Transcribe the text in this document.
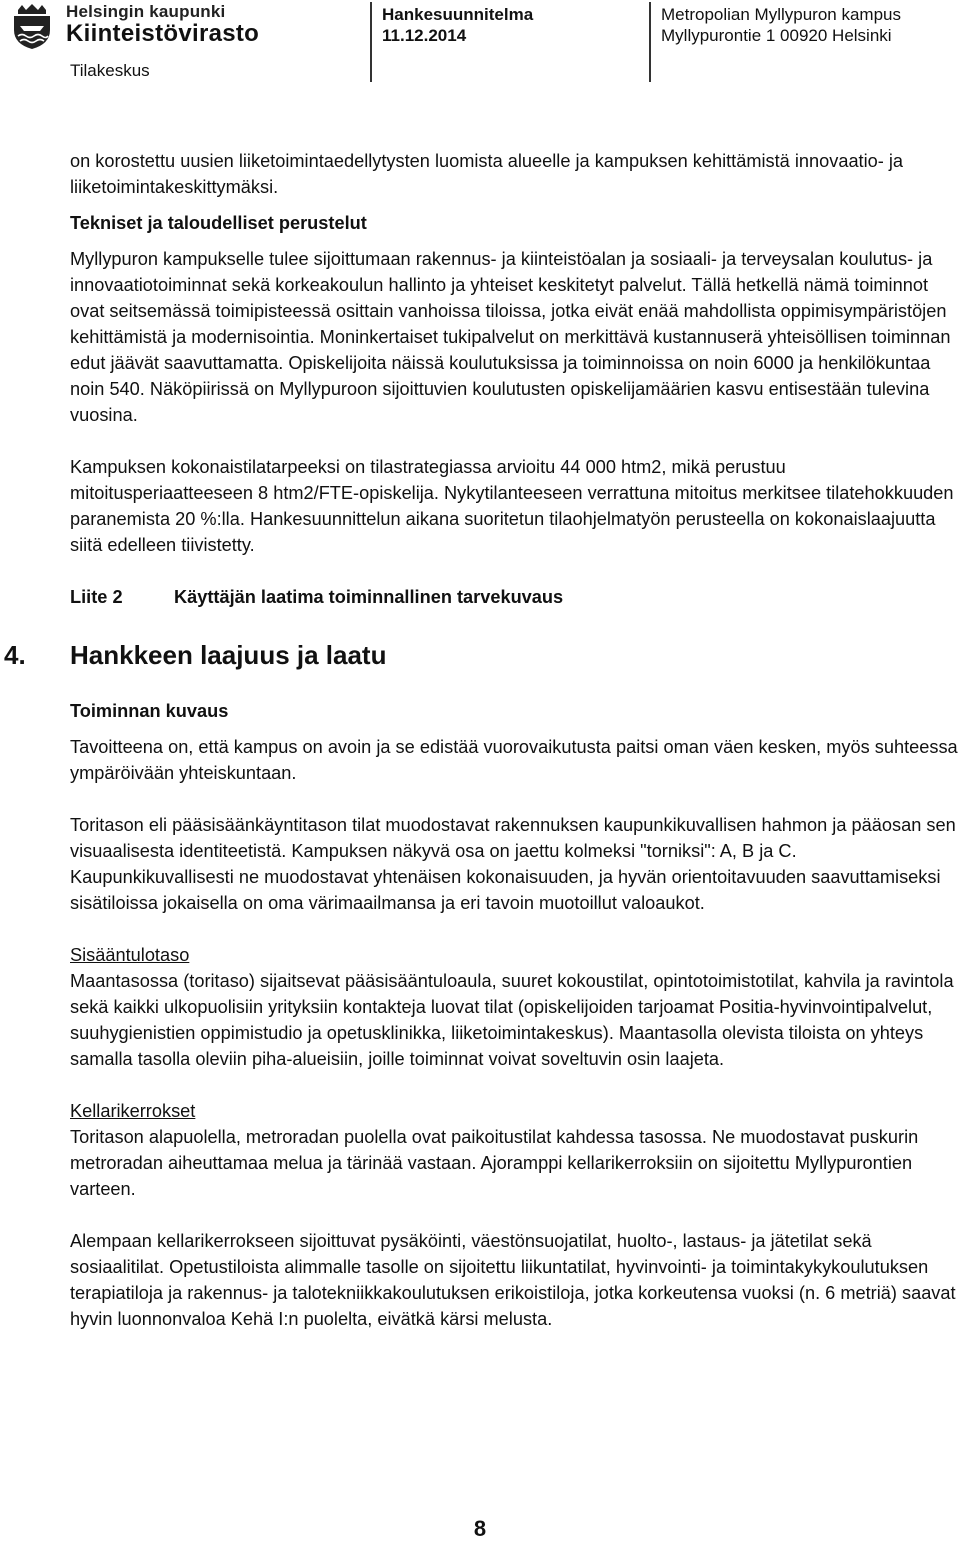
Helsingin kaupunki
Kiinteistövirasto
Tilakeskus
Hankesuunnitelma
11.12.2014
Metropolian Myllypuron kampus
Myllypurontie 1 00920 Helsinki

on korostettu uusien liiketoimintaedellytysten luomista alueelle ja kampuksen kehittämistä innovaatio- ja liiketoimintakeskittymäksi.

Tekniset ja taloudelliset perustelut

Myllypuron kampukselle tulee sijoittumaan rakennus- ja kiinteistöalan ja sosiaali- ja terveysalan koulutus- ja innovaatiotoiminnat sekä korkeakoulun hallinto ja yhteiset keskitetyt palvelut. Tällä hetkellä nämä toiminnot ovat seitsemässä toimipisteessä osittain vanhoissa tiloissa, jotka eivät enää mahdollista oppimisympäristöjen kehittämistä ja modernisointia. Moninkertaiset tukipalvelut on merkittävä kustannuserä yhteisöllisen toiminnan edut jäävät saavuttamatta. Opiskelijoita näissä koulutuksissa ja toiminnoissa on noin 6000 ja henkilökuntaa noin 540. Näköpiirissä on Myllypuroon sijoittuvien koulutusten opiskelijamäärien kasvu entisestään tulevina vuosina.

Kampuksen kokonaistilatarpeeksi on tilastrategiassa arvioitu 44 000 htm2, mikä perustuu mitoitusperiaatteeseen 8 htm2/FTE-opiskelija. Nykytilanteeseen verrattuna mitoitus merkitsee tilatehokkuuden paranemista 20 %:lla. Hankesuunnittelun aikana suoritetun tilaohjelmatyön perusteella on kokonaislaajuutta siitä edelleen tiivistetty.

Liite 2	Käyttäjän laatima toiminnallinen tarvekuvaus
4. Hankkeen laajuus ja laatu

Toiminnan kuvaus

Tavoitteena on, että kampus on avoin ja se edistää vuorovaikutusta paitsi oman väen kesken, myös suhteessa ympäröivään yhteiskuntaan.

Toritason eli pääsisäänkäyntitason tilat muodostavat rakennuksen kaupunkikuvallisen hahmon ja pääosan sen visuaalisesta identiteetistä. Kampuksen näkyvä osa on jaettu kolmeksi "torniksi": A, B ja C. Kaupunkikuvallisesti ne muodostavat yhtenäisen kokonaisuuden, ja hyvän orientoitavuuden saavuttamiseksi sisätiloissa jokaisella on oma värimaailmansa ja eri tavoin muotoillut valoaukot.

Sisääntulotaso

Maantasossa (toritaso) sijaitsevat pääsisääntuloaula, suuret kokoustilat, opintotoimistotilat, kahvila ja ravintola sekä kaikki ulkopuolisiin yrityksiin kontakteja luovat tilat (opiskelijoiden tarjoamat Positia-hyvinvointipalvelut, suuhygienistien oppimistudio ja opetusklinikka, liiketoimintakeskus). Maantasolla olevista tiloista on yhteys samalla tasolla oleviin piha-alueisiin, joille toiminnat voivat soveltuvin osin laajeta.

Kellarikerrokset

Toritason alapuolella, metroradan puolella ovat paikoitustilat kahdessa tasossa. Ne muodostavat puskurin metroradan aiheuttamaa melua ja tärinää vastaan. Ajoramppi kellarikerroksiin on sijoitettu Myllypurontien varteen.

Alempaan kellarikerrokseen sijoittuvat pysäköinti, väestönsuojatilat, huolto-, lastaus- ja jätetilat sekä sosiaalitilat. Opetustiloista alimmalle tasolle on sijoitettu liikuntatilat, hyvinvointi- ja toimintakykykoulutuksen terapiatiloja ja rakennus- ja talotekniikkakoulutuksen erikoistiloja, jotka korkeutensa vuoksi (n. 6 metriä) saavat hyvin luonnonvaloa Kehä I:n puolelta, eivätkä kärsi melusta.

8
